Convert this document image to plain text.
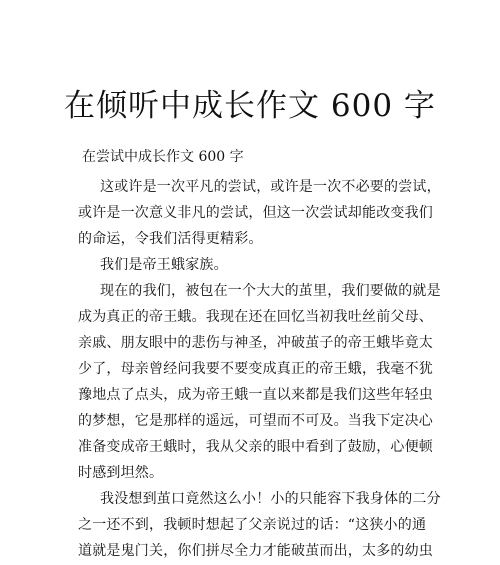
在倾听中成长作文 600 字
在尝试中成长作文 600 字
这或许是一次平凡的尝试，或许是一次不必要的尝试，
或许是一次意义非凡的尝试，但这一次尝试却能改变我们
的命运，令我们活得更精彩。
我们是帝王蛾家族。
现在的我们，被包在一个大大的茧里，我们要做的就是
成为真正的帝王蛾。我现在还在回忆当初我吐丝前父母、
亲戚、朋友眼中的悲伤与神圣，冲破茧子的帝王蛾毕竟太
少了，母亲曾经问我要不要变成真正的帝王蛾，我毫不犹
豫地点了点头，成为帝王蛾一直以来都是我们这些年轻虫
的梦想，它是那样的遥远，可望而不可及。当我下定决心
准备变成帝王蛾时，我从父亲的眼中看到了鼓励，心便顿
时感到坦然。
我没想到茧口竟然这么小！小的只能容下我身体的二分
之一还不到，我顿时想起了父亲说过的话：“这狭小的通
道就是鬼门关，你们拼尽全力才能破茧而出，太多的幼虫
